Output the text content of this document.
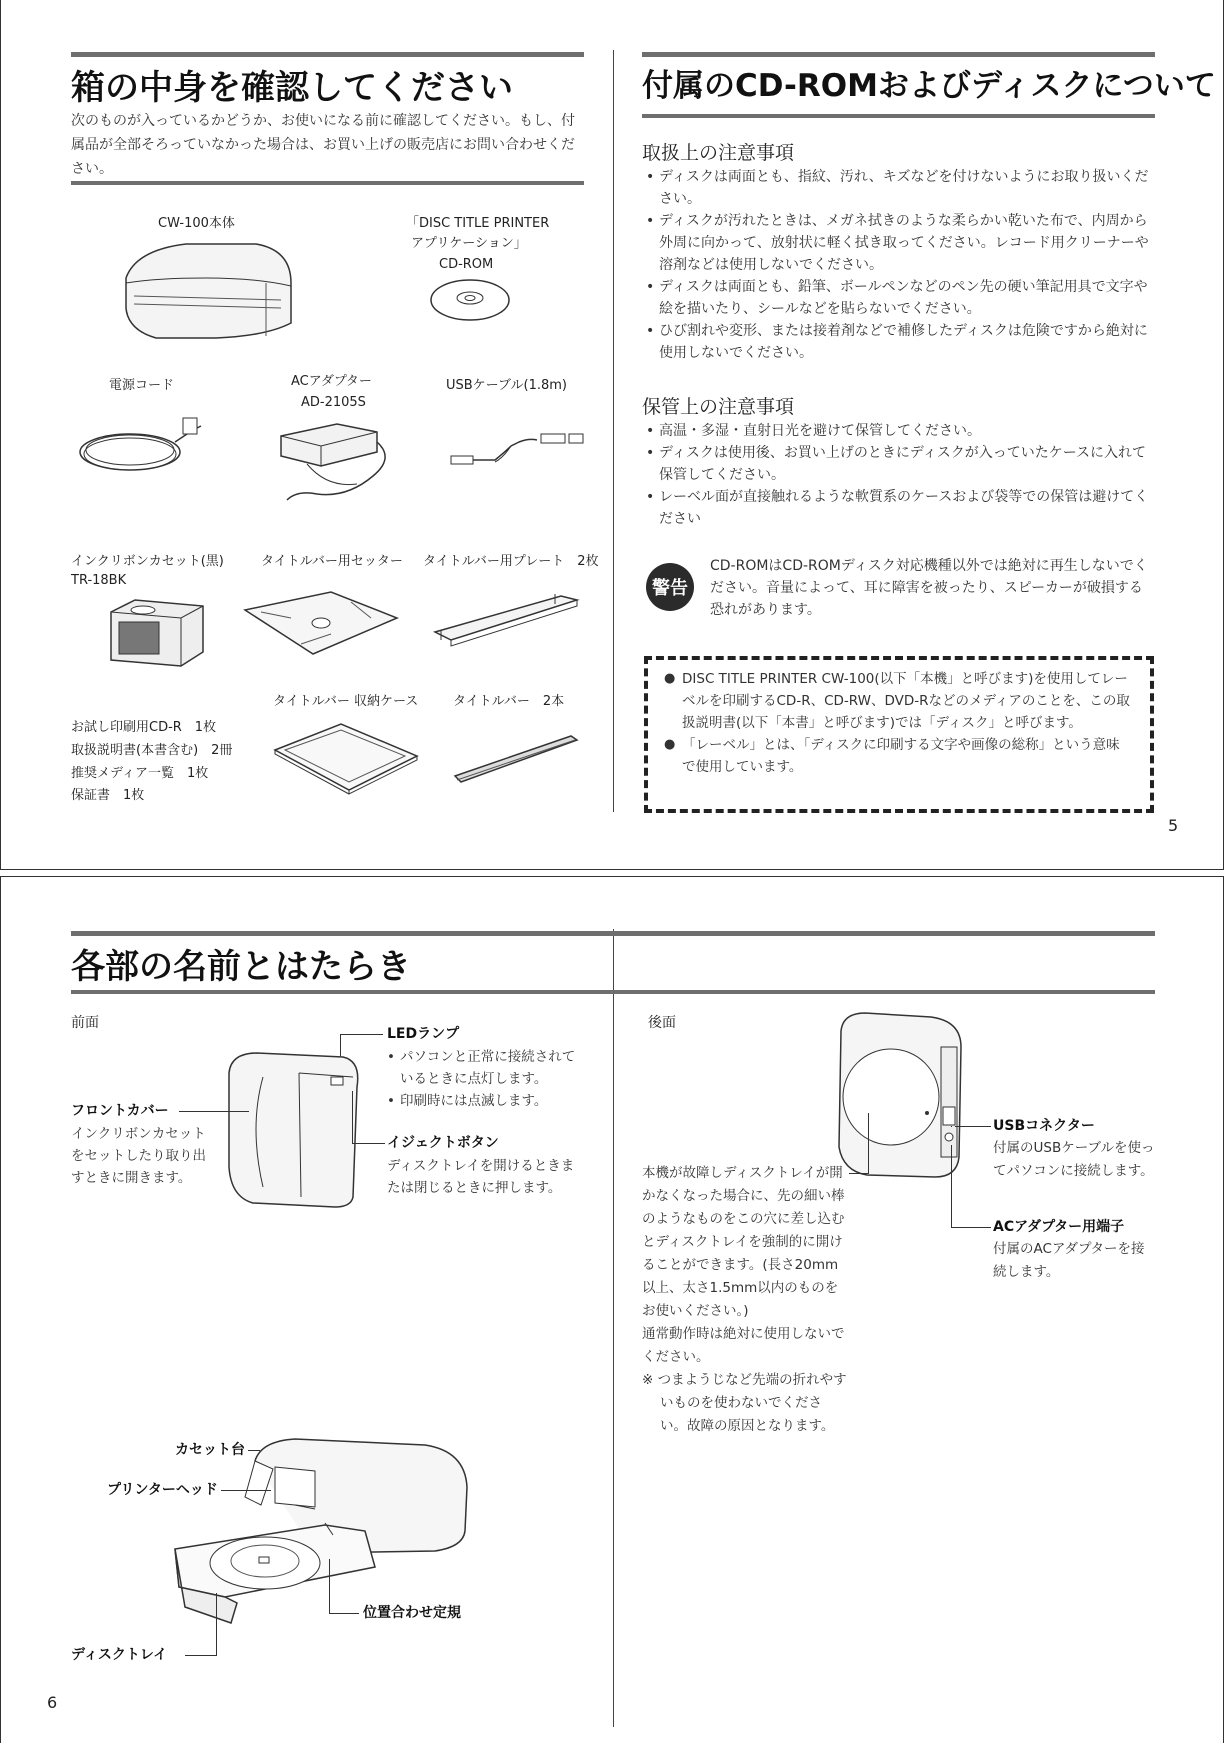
箱の中身を確認してください
次のものが入っているかどうか、お使いになる前に確認してください。もし、付属品が全部そろっていなかった場合は、お買い上げの販売店にお問い合わせください。
CW-100本体	「DISC TITLE PRINTER
アプリケーション」
CD-ROM
電源コード	ACアダプター
AD-2105S
USBケーブル(1.8m)
インクリボンカセット(黒)
TR-18BK
タイトルバー用セッター タイトルバー用プレート　2枚
タイトルバー 収納ケース	タイトルバー　2本
お試し印刷用CD-R　1枚
取扱説明書(本書含む)　2冊
推奨メディア一覧　1枚
保証書　1枚
付属のCD-ROMおよびディスクについて
取扱上の注意事項
• ディスクは両面とも、指紋、汚れ、キズなどを付けないようにお取り扱いください。
• ディスクが汚れたときは、メガネ拭きのような柔らかい乾いた布で、内周から外周に向かって、放射状に軽く拭き取ってください。レコード用クリーナーや溶剤などは使用しないでください。
• ディスクは両面とも、鉛筆、ボールペンなどのペン先の硬い筆記用具で文字や絵を描いたり、シールなどを貼らないでください。
• ひび割れや変形、または接着剤などで補修したディスクは危険ですから絶対に使用しないでください。
保管上の注意事項
• 高温・多湿・直射日光を避けて保管してください。
• ディスクは使用後、お買い上げのときにディスクが入っていたケースに入れて保管してください。
• レーベル面が直接触れるような軟質系のケースおよび袋等での保管は避けてください
警告
CD-ROMはCD-ROMディスク対応機種以外では絶対に再生しないでください。音量によって、耳に障害を被ったり、スピーカーが破損する恐れがあります。
● DISC TITLE PRINTER CW-100(以下「本機」と呼びます)を使用してレーベルを印刷するCD-R、CD-RW、DVD-Rなどのメディアのことを、この取扱説明書(以下「本書」と呼びます)では「ディスク」と呼びます。
● 「レーベル」とは、「ディスクに印刷する文字や画像の総称」という意味で使用しています。
5
各部の名前とはたらき
前面
LEDランプ
• パソコンと正常に接続されているときに点灯します。
• 印刷時には点滅します。
フロントカバー
インクリボンカセットをセットしたり取り出すときに開きます。
イジェクトボタン
ディスクトレイを開けるときまたは閉じるときに押します。
カセット台
プリンターヘッド
位置合わせ定規
ディスクトレイ
後面
USBコネクター
付属のUSBケーブルを使ってパソコンに接続します。
ACアダプター用端子
付属のACアダプターを接続します。
本機が故障しディスクトレイが開かなくなった場合に、先の細い棒のようなものをこの穴に差し込むとディスクトレイを強制的に開けることができます。(長さ20mm以上、太さ1.5mm以内のものをお使いください。)
通常動作時は絶対に使用しないでください。
※ つまようじなど先端の折れやすいものを使わないでください。故障の原因となります。
6
